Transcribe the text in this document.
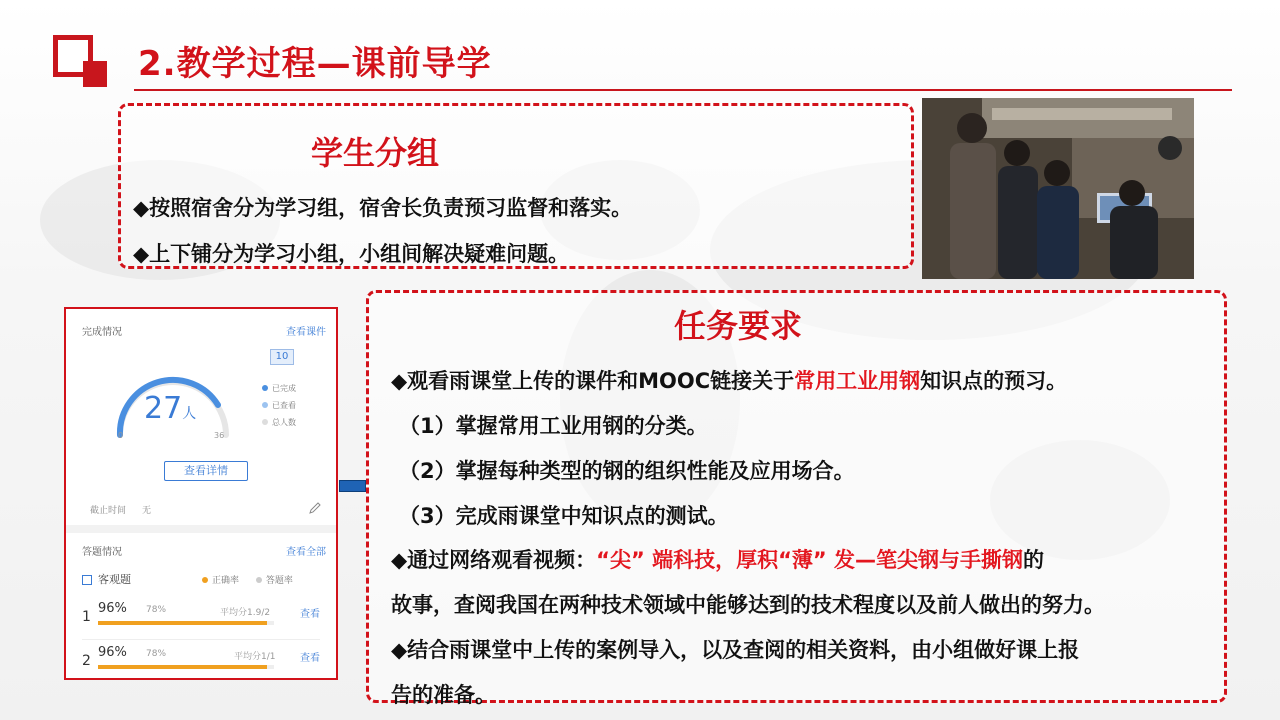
2.教学过程—课前导学
学生分组
◆按照宿舍分为学习组，宿舍长负责预习监督和落实。
◆上下铺分为学习小组，小组间解决疑难问题。
完成情况	查看课件
10
27人
0	36
已完成
已查看
总人数
查看详情
截止时间 无
答题情况	查看全部
客观题	正确率	答题率
1
96% 78%	平均分1.9/2	查看
2
96% 78%	平均分1/1 查看
任务要求
◆观看雨课堂上传的课件和MOOC链接关于常用工业用钢知识点的预习。
（1）掌握常用工业用钢的分类。
（2）掌握每种类型的钢的组织性能及应用场合。
（3）完成雨课堂中知识点的测试。
◆通过网络观看视频：“尖” 端科技，厚积“薄” 发—笔尖钢与手撕钢的
故事，查阅我国在两种技术领域中能够达到的技术程度以及前人做出的努力。
◆结合雨课堂中上传的案例导入，以及查阅的相关资料，由小组做好课上报
告的准备。
